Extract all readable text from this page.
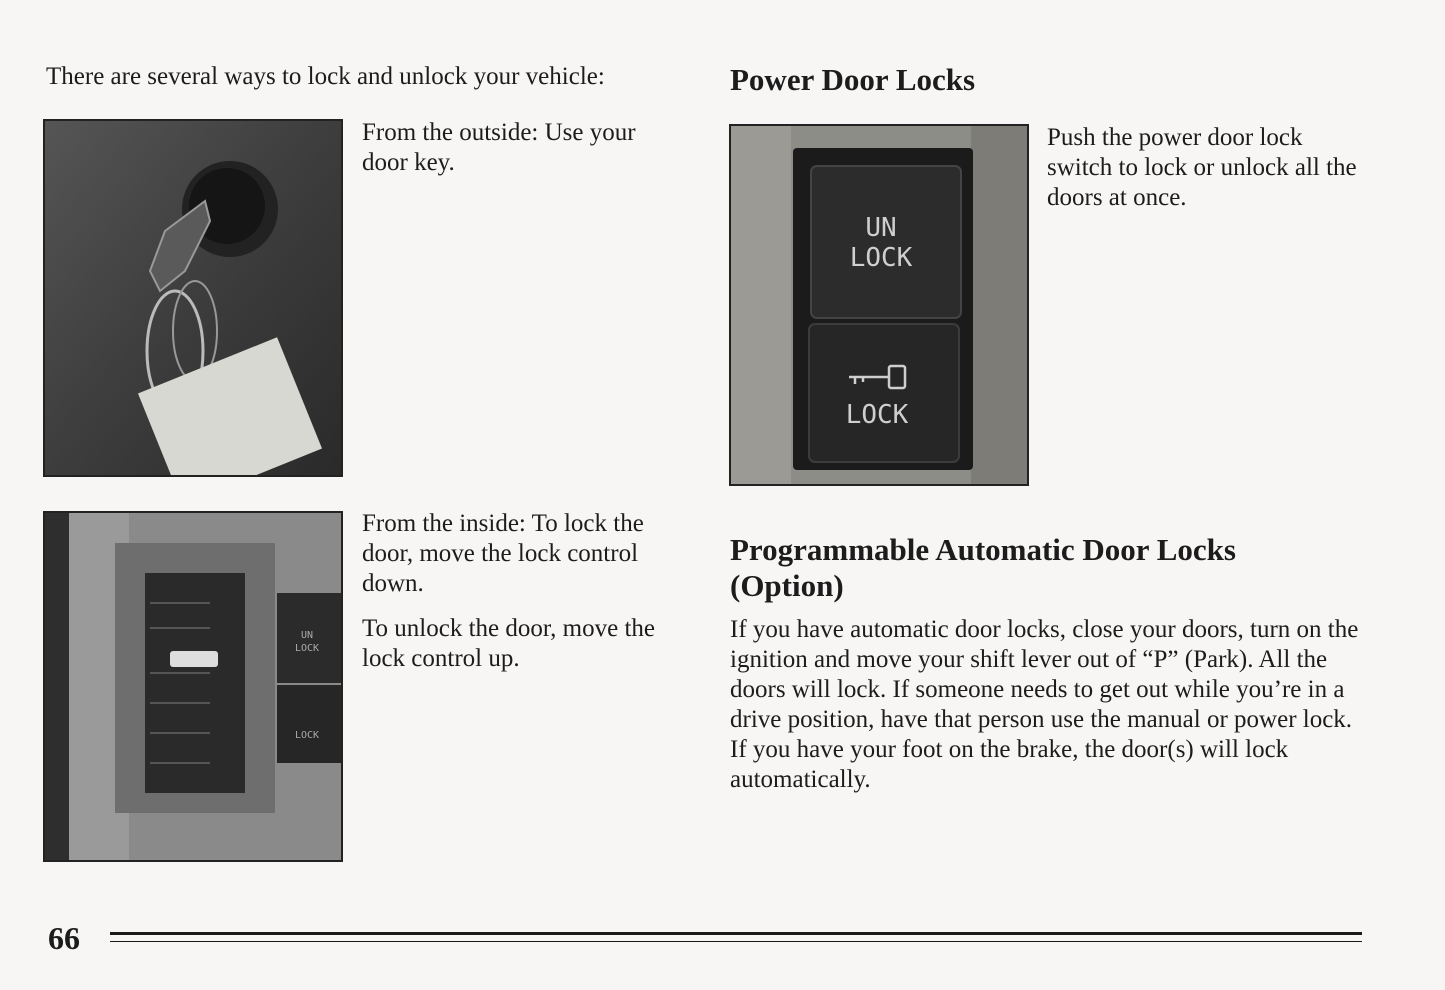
There are several ways to lock and unlock your vehicle:

From the outside: Use your door key.

UN
LOCK
LOCK

From the inside: To lock the door, move the lock control down.

To unlock the door, move the lock control up.

Power Door Locks
UN
LOCK
LOCK

Push the power door lock switch to lock or unlock all the doors at once.

Programmable Automatic Door Locks (Option)

If you have automatic door locks, close your doors, turn on the ignition and move your shift lever out of “P” (Park). All the doors will lock. If someone needs to get out while you’re in a drive position, have that person use the manual or power lock. If you have your foot on the brake, the door(s) will lock automatically.

66
